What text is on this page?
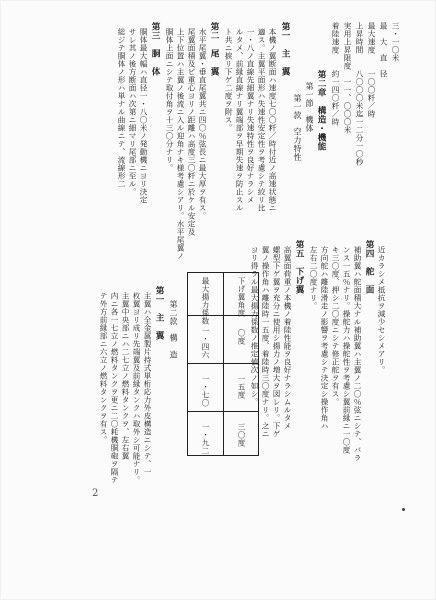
三・一〇米
最　大　直　径
最大速度　　一〇〇粁／時
上昇時間　　八〇〇〇米迄一二分一〇秒
実用上昇限度　一一、〇〇〇米
着陸速度　　約一四〇粁／時
第二章　構造・機能
第一節　機体
第一款　空力特性
第一　主　翼
本機ノ翼断面ハ速度七〇〇粁／時付近ノ高速状態ニ
適ス。主翼平面形ハ失速性安定性ヲ考慮シテ絞リ比
一・八ノ直線先細翼ナリ失速特性ヲ良好ナラシメ
ルタメ、前縁直線ナリ翼端部ヲ早期失速ヲ防止スル
ト共ニ捩リ下ゲ二度ヲ附ス。
第二　尾　翼
水平尾翼・垂直尾翼共ニ四〇％弦長ニ最大厚ヲ有ス。
尾翼面積及ビ重心ヨリノ距離ハ高度三〇粁ニ於ケル安定及
上下位置ハ主翼ノ後流ニ入ル迎角ナキ様考慮シアリ。水平尾翼ノ
胴体上面ニシテ取付角ヲ十三〇分ナリ。
第三　胴　体
胴体最大幅ハ直径一・八〇米ノ発動機ニヨリ決定
サレ其ノ後方断面ハ次第ニ細マリ尾部ニ至ル。
総ジテ胴体ノ形ハ単ナル曲線ニテ、流線形二
近カラシメ抵抗ヲ減少セシメアリ。
第四　舵　面
補助翼ハ舵面積大ナル補助翼ハ主翼ノ二〇％弦ニシテ、バラ
ンス一五％ナリ。操舵力ハ操舵性ヲ考慮シ翼前縁ニ一〇度
キ三〇度、押シ二〇度ニシテ修正舵ヲ有ス。
方向舵ハ離陸滑走ノ影響ヲ考慮シテ決定シ操作角ハ
左右二〇度ナリ。
第五　下げ翼
高翼面荷重ノ本機ノ着陸性能ヲ良好ナラシムルタメ
螺型下ゲ翼ヲ充分ニ使用シ揚力ノ増大ヲ図レリ。下ゲ
翼ノ操作角ハ離陸時一五度、着陸時三〇度ナリ。之ニ
ヨリ得ラル最大揚力係数ノ推定値次ノ如シ。
下げ翼角度
最大揚力係数
〇度
一五度
三〇度
一・四六
一・七〇
一・九二
第二款　構　造
第一　主　翼
主翼ハ全金属製片持式単桁応力外皮構造ニシテ、一
枚翼ヨリ成リ先端翼及前縁タンクハ取外シ可能ナリ。
主翼中央部ニハ二七立ノ燃料タンクヲ、左右翼
内ニ各一七立ノ燃料タンクヲ更ニ二〇耗機胴砲ヲ隔テ
テ外方前縁部ニ六立ノ燃料タンクヲ有ス。
2
